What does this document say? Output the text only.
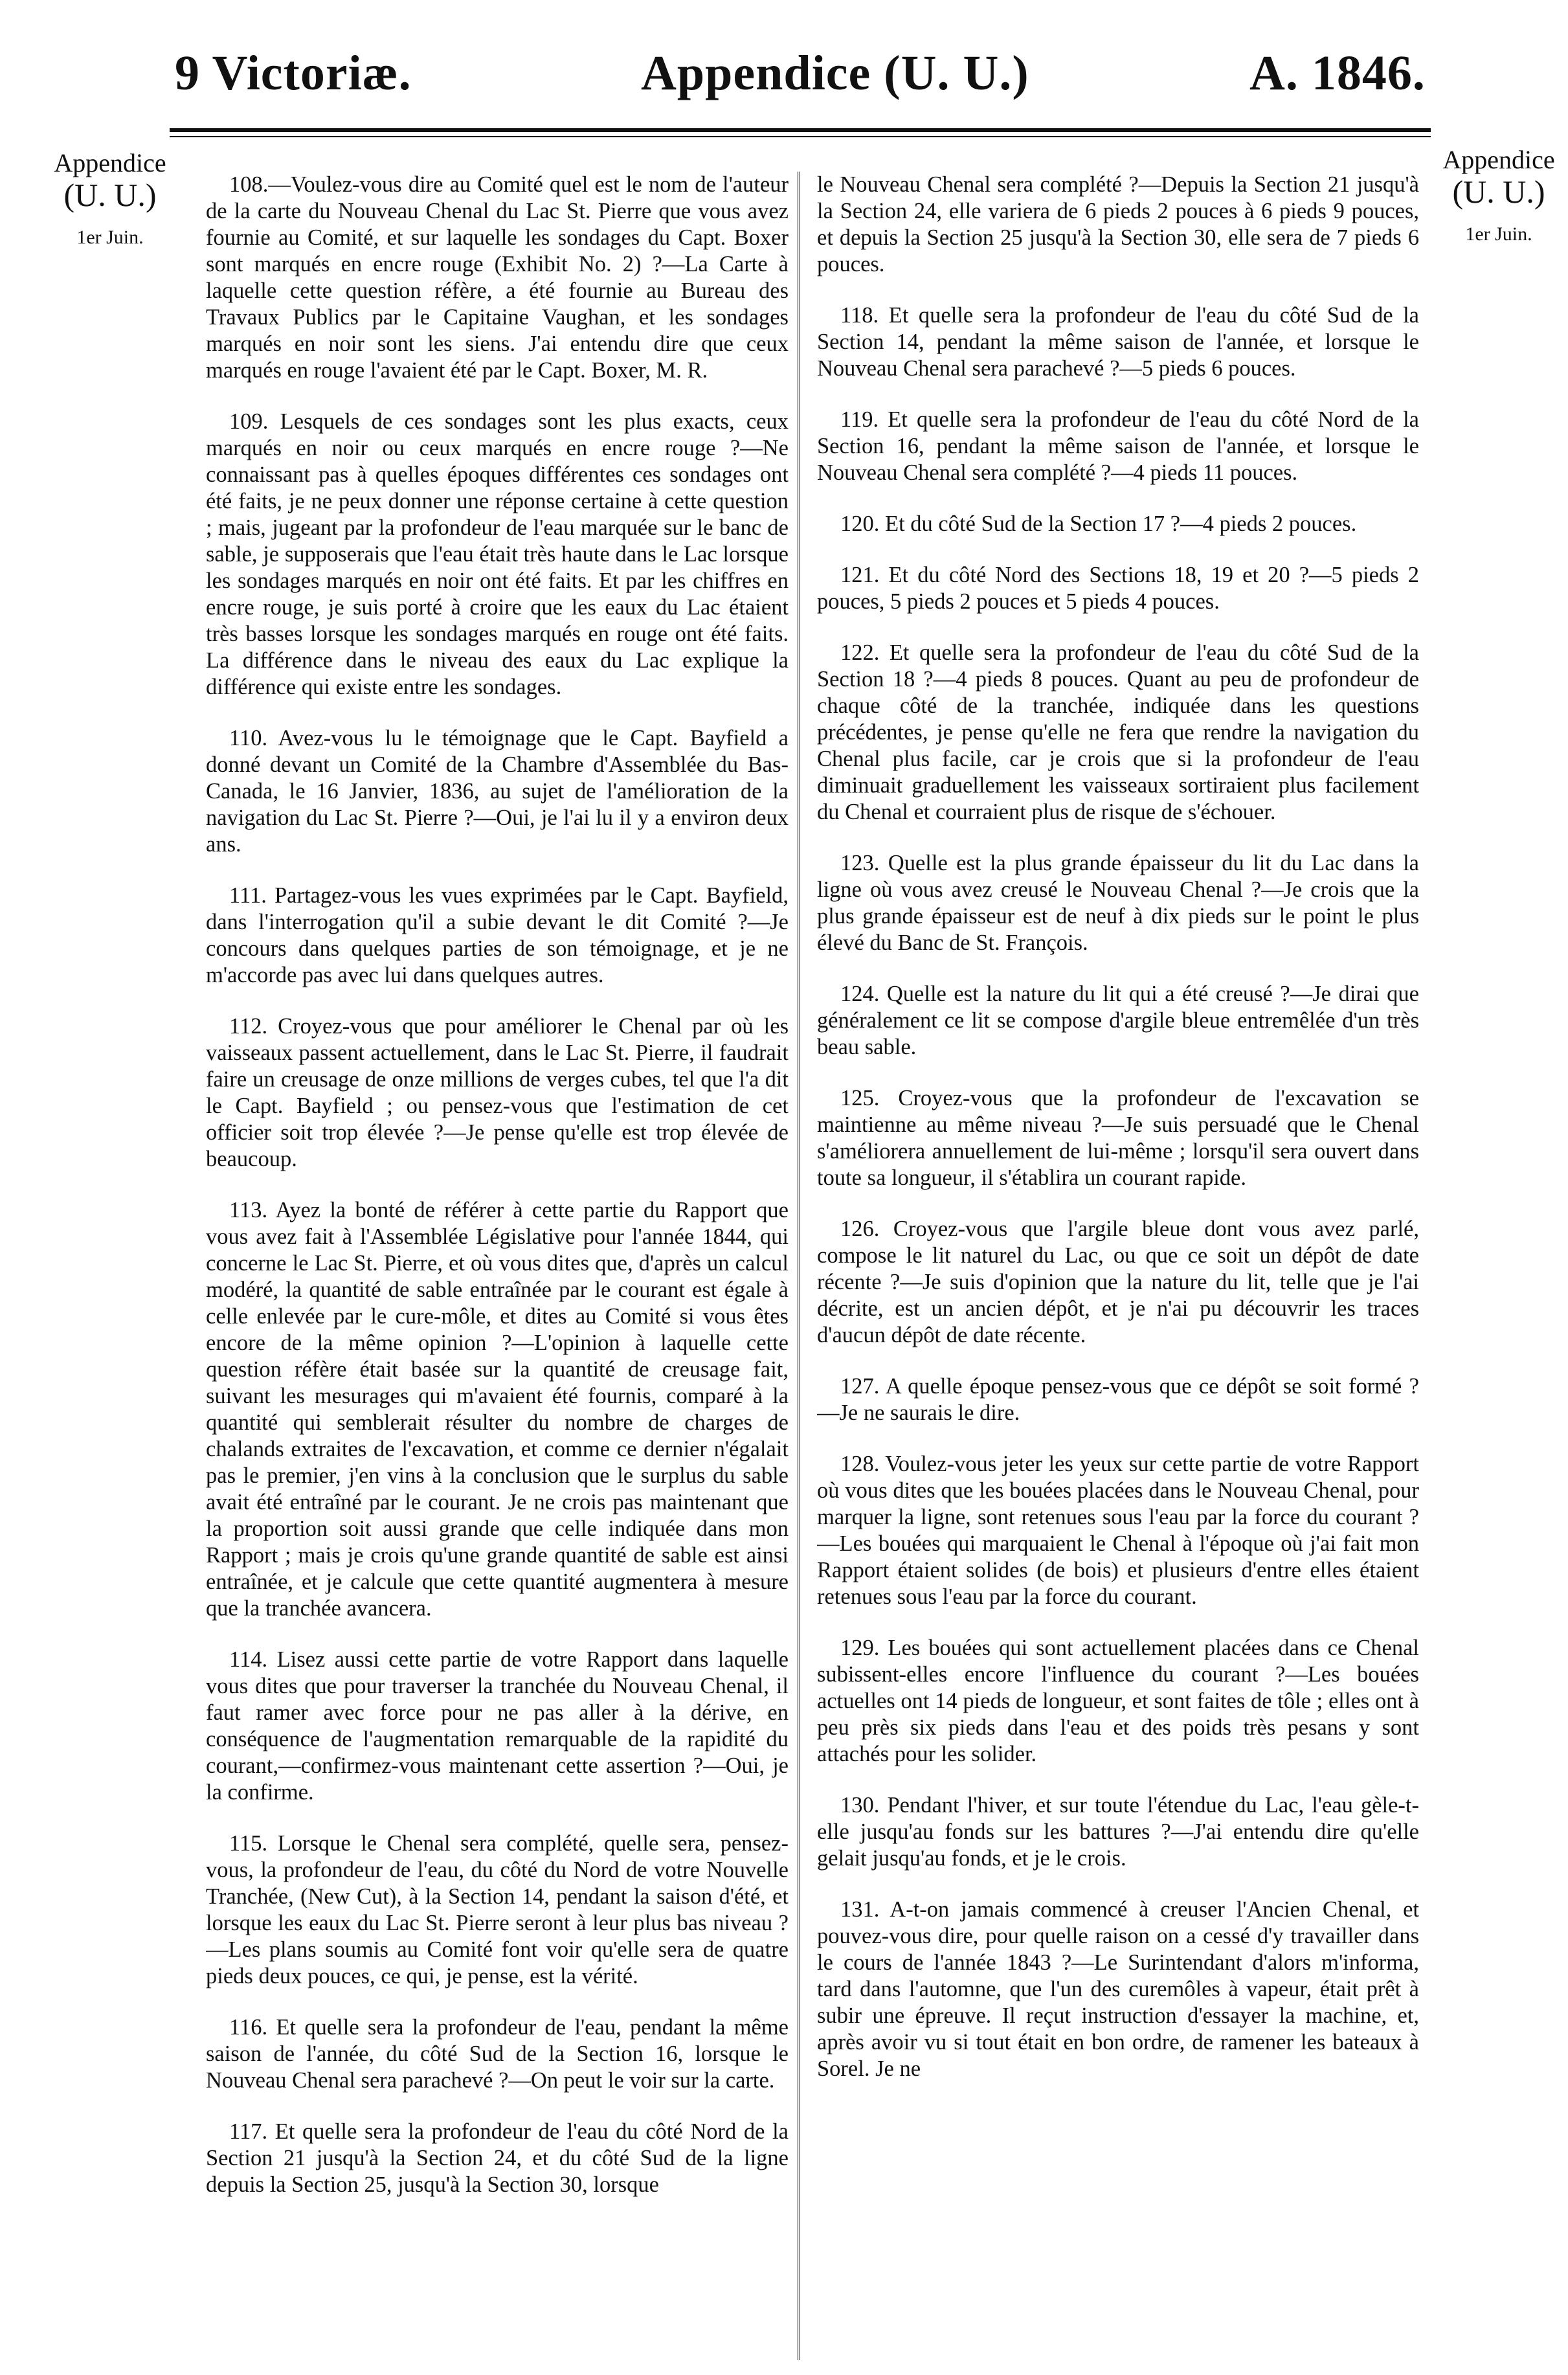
9 Victoriæ.	Appendice (U. U.)	A. 1846.
Appendice
(U. U.)
1er Juin.
Appendice
(U. U.)
1er Juin.

108.—Voulez-vous dire au Comité quel est le nom de l'auteur de la carte du Nouveau Chenal du Lac St. Pierre que vous avez fournie au Comité, et sur laquelle les sondages du Capt. Boxer sont marqués en encre rouge (Exhibit No. 2) ?—La Carte à laquelle cette question réfère, a été fournie au Bureau des Travaux Publics par le Capitaine Vaughan, et les sondages marqués en noir sont les siens. J'ai entendu dire que ceux marqués en rouge l'avaient été par le Capt. Boxer, M. R.

109. Lesquels de ces sondages sont les plus exacts, ceux marqués en noir ou ceux marqués en encre rouge ?—Ne connaissant pas à quelles époques différentes ces sondages ont été faits, je ne peux donner une réponse certaine à cette question ; mais, jugeant par la profondeur de l'eau marquée sur le banc de sable, je supposerais que l'eau était très haute dans le Lac lorsque les sondages marqués en noir ont été faits. Et par les chiffres en encre rouge, je suis porté à croire que les eaux du Lac étaient très basses lorsque les sondages marqués en rouge ont été faits. La différence dans le niveau des eaux du Lac explique la différence qui existe entre les sondages.

110. Avez-vous lu le témoignage que le Capt. Bayfield a donné devant un Comité de la Chambre d'Assemblée du Bas-Canada, le 16 Janvier, 1836, au sujet de l'amélioration de la navigation du Lac St. Pierre ?—Oui, je l'ai lu il y a environ deux ans.

111. Partagez-vous les vues exprimées par le Capt. Bayfield, dans l'interrogation qu'il a subie devant le dit Comité ?—Je concours dans quelques parties de son témoignage, et je ne m'accorde pas avec lui dans quelques autres.

112. Croyez-vous que pour améliorer le Chenal par où les vaisseaux passent actuellement, dans le Lac St. Pierre, il faudrait faire un creusage de onze millions de verges cubes, tel que l'a dit le Capt. Bayfield ; ou pensez-vous que l'estimation de cet officier soit trop élevée ?—Je pense qu'elle est trop élevée de beaucoup.

113. Ayez la bonté de référer à cette partie du Rapport que vous avez fait à l'Assemblée Législative pour l'année 1844, qui concerne le Lac St. Pierre, et où vous dites que, d'après un calcul modéré, la quantité de sable entraînée par le courant est égale à celle enlevée par le cure-môle, et dites au Comité si vous êtes encore de la même opinion ?—L'opinion à laquelle cette question réfère était basée sur la quantité de creusage fait, suivant les mesurages qui m'avaient été fournis, comparé à la quantité qui semblerait résulter du nombre de charges de chalands extraites de l'excavation, et comme ce dernier n'égalait pas le premier, j'en vins à la conclusion que le surplus du sable avait été entraîné par le courant. Je ne crois pas maintenant que la proportion soit aussi grande que celle indiquée dans mon Rapport ; mais je crois qu'une grande quantité de sable est ainsi entraînée, et je calcule que cette quantité augmentera à mesure que la tranchée avancera.

114. Lisez aussi cette partie de votre Rapport dans laquelle vous dites que pour traverser la tranchée du Nouveau Chenal, il faut ramer avec force pour ne pas aller à la dérive, en conséquence de l'augmentation remarquable de la rapidité du courant,—confirmez-vous maintenant cette assertion ?—Oui, je la confirme.

115. Lorsque le Chenal sera complété, quelle sera, pensez-vous, la profondeur de l'eau, du côté du Nord de votre Nouvelle Tranchée, (New Cut), à la Section 14, pendant la saison d'été, et lorsque les eaux du Lac St. Pierre seront à leur plus bas niveau ?—Les plans soumis au Comité font voir qu'elle sera de quatre pieds deux pouces, ce qui, je pense, est la vérité.

116. Et quelle sera la profondeur de l'eau, pendant la même saison de l'année, du côté Sud de la Section 16, lorsque le Nouveau Chenal sera parachevé ?—On peut le voir sur la carte.

117. Et quelle sera la profondeur de l'eau du côté Nord de la Section 21 jusqu'à la Section 24, et du côté Sud de la ligne depuis la Section 25, jusqu'à la Section 30, lorsque

le Nouveau Chenal sera complété ?—Depuis la Section 21 jusqu'à la Section 24, elle variera de 6 pieds 2 pouces à 6 pieds 9 pouces, et depuis la Section 25 jusqu'à la Section 30, elle sera de 7 pieds 6 pouces.

118. Et quelle sera la profondeur de l'eau du côté Sud de la Section 14, pendant la même saison de l'année, et lorsque le Nouveau Chenal sera parachevé ?—5 pieds 6 pouces.

119. Et quelle sera la profondeur de l'eau du côté Nord de la Section 16, pendant la même saison de l'année, et lorsque le Nouveau Chenal sera complété ?—4 pieds 11 pouces.

120. Et du côté Sud de la Section 17 ?—4 pieds 2 pouces.

121. Et du côté Nord des Sections 18, 19 et 20 ?—5 pieds 2 pouces, 5 pieds 2 pouces et 5 pieds 4 pouces.

122. Et quelle sera la profondeur de l'eau du côté Sud de la Section 18 ?—4 pieds 8 pouces. Quant au peu de profondeur de chaque côté de la tranchée, indiquée dans les questions précédentes, je pense qu'elle ne fera que rendre la navigation du Chenal plus facile, car je crois que si la profondeur de l'eau diminuait graduellement les vaisseaux sortiraient plus facilement du Chenal et courraient plus de risque de s'échouer.

123. Quelle est la plus grande épaisseur du lit du Lac dans la ligne où vous avez creusé le Nouveau Chenal ?—Je crois que la plus grande épaisseur est de neuf à dix pieds sur le point le plus élevé du Banc de St. François.

124. Quelle est la nature du lit qui a été creusé ?—Je dirai que généralement ce lit se compose d'argile bleue entremêlée d'un très beau sable.

125. Croyez-vous que la profondeur de l'excavation se maintienne au même niveau ?—Je suis persuadé que le Chenal s'améliorera annuellement de lui-même ; lorsqu'il sera ouvert dans toute sa longueur, il s'établira un courant rapide.

126. Croyez-vous que l'argile bleue dont vous avez parlé, compose le lit naturel du Lac, ou que ce soit un dépôt de date récente ?—Je suis d'opinion que la nature du lit, telle que je l'ai décrite, est un ancien dépôt, et je n'ai pu découvrir les traces d'aucun dépôt de date récente.

127. A quelle époque pensez-vous que ce dépôt se soit formé ?—Je ne saurais le dire.

128. Voulez-vous jeter les yeux sur cette partie de votre Rapport où vous dites que les bouées placées dans le Nouveau Chenal, pour marquer la ligne, sont retenues sous l'eau par la force du courant ?—Les bouées qui marquaient le Chenal à l'époque où j'ai fait mon Rapport étaient solides (de bois) et plusieurs d'entre elles étaient retenues sous l'eau par la force du courant.

129. Les bouées qui sont actuellement placées dans ce Chenal subissent-elles encore l'influence du courant ?—Les bouées actuelles ont 14 pieds de longueur, et sont faites de tôle ; elles ont à peu près six pieds dans l'eau et des poids très pesans y sont attachés pour les solider.

130. Pendant l'hiver, et sur toute l'étendue du Lac, l'eau gèle-t-elle jusqu'au fonds sur les battures ?—J'ai entendu dire qu'elle gelait jusqu'au fonds, et je le crois.

131. A-t-on jamais commencé à creuser l'Ancien Chenal, et pouvez-vous dire, pour quelle raison on a cessé d'y travailler dans le cours de l'année 1843 ?—Le Surintendant d'alors m'informa, tard dans l'automne, que l'un des curemôles à vapeur, était prêt à subir une épreuve. Il reçut instruction d'essayer la machine, et, après avoir vu si tout était en bon ordre, de ramener les bateaux à Sorel. Je ne
